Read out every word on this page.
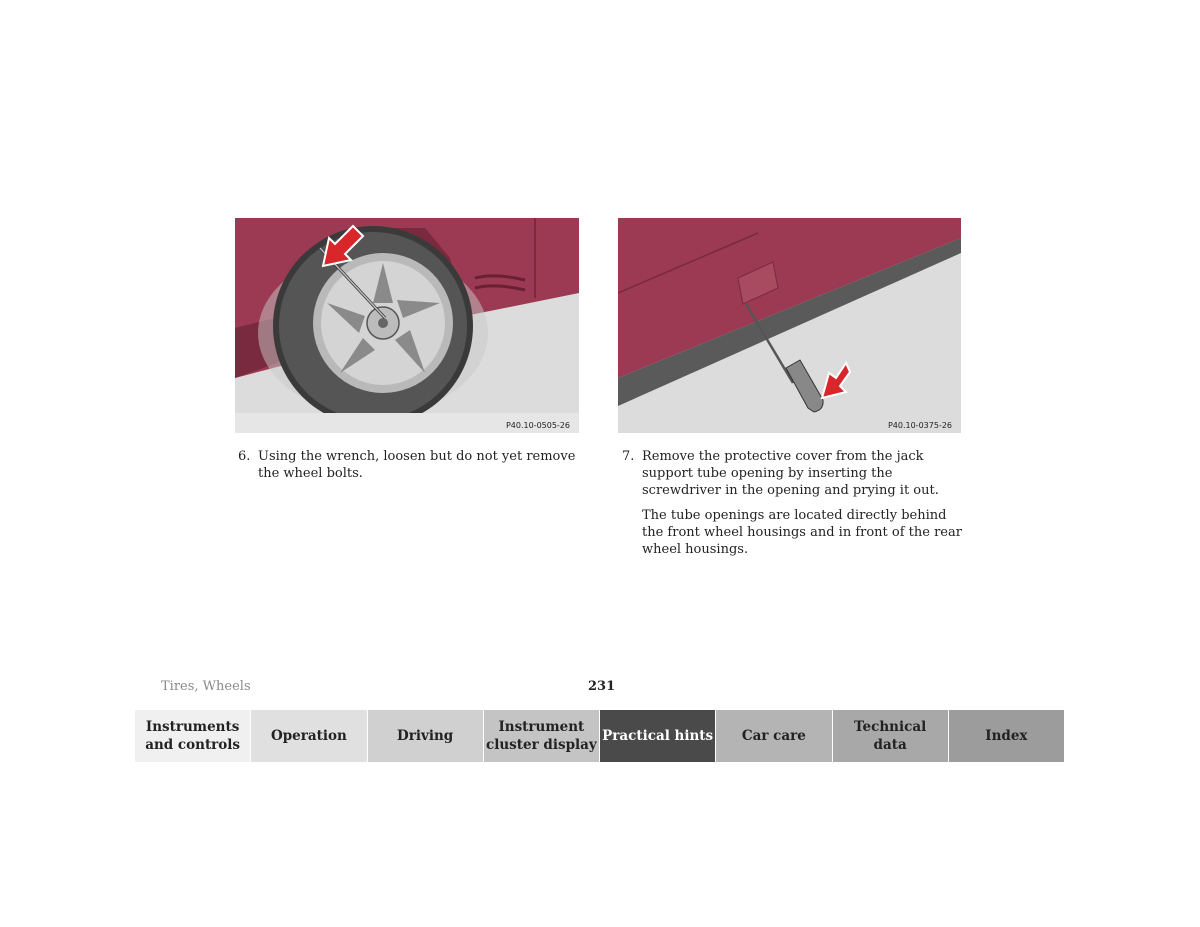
P40.10-0505-26	P40.10-0375-26
6. Using the wrench, loosen but do not yet remove the wheel bolts.

7. Remove the protective cover from the jack support tube opening by inserting the screwdriver in the opening and prying it out.

The tube openings are located directly behind the front wheel housings and in front of the rear wheel housings.

Tires, Wheels	231
Instruments
and controls
Operation	Driving
Instrument
cluster display
Practical hints Car care
Technical
data
Index
